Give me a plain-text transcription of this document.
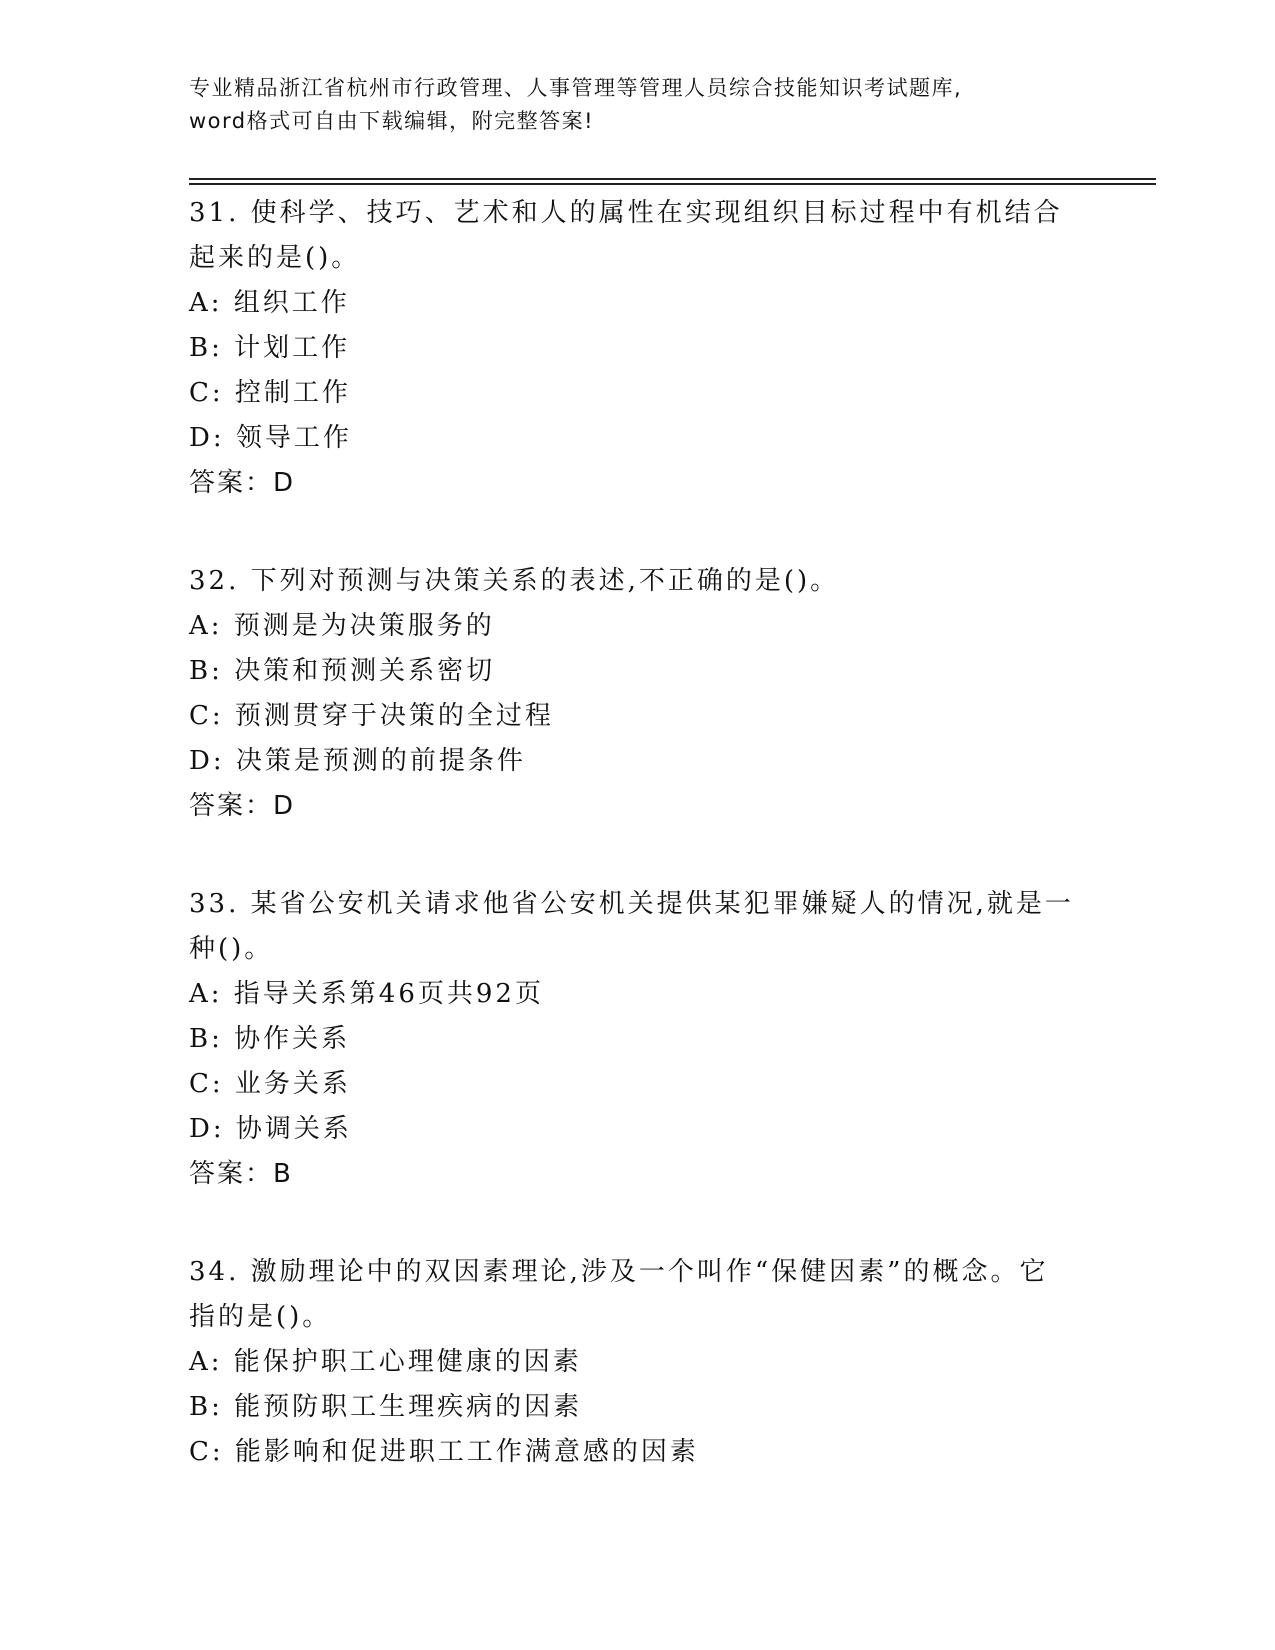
专业精品浙江省杭州市行政管理、人事管理等管理人员综合技能知识考试题库,
word格式可自由下载编辑，附完整答案!
31. 使科学、技巧、艺术和人的属性在实现组织目标过程中有机结合
起来的是()。
A: 组织工作
B: 计划工作
C: 控制工作
D: 领导工作
答案：D
32. 下列对预测与决策关系的表述,不正确的是()。
A: 预测是为决策服务的
B: 决策和预测关系密切
C: 预测贯穿于决策的全过程
D: 决策是预测的前提条件
答案：D
33. 某省公安机关请求他省公安机关提供某犯罪嫌疑人的情况,就是一
种()。
A: 指导关系第46页共92页
B: 协作关系
C: 业务关系
D: 协调关系
答案：B
34. 激励理论中的双因素理论,涉及一个叫作“保健因素”的概念。它
指的是()。
A: 能保护职工心理健康的因素
B: 能预防职工生理疾病的因素
C: 能影响和促进职工工作满意感的因素
